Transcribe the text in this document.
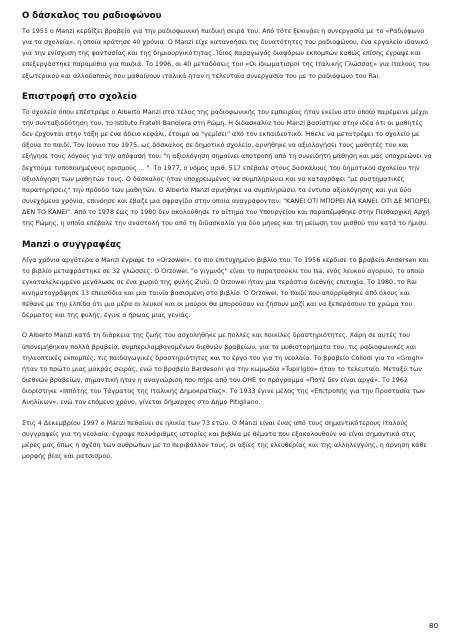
Ο δάσκαλος του ραδιοφώνου

Το 1951 ο Manzi κερδίζει βραβείο για την ραδιοφωνική παιδική σειρά του. Από τότε ξεκινάει η συνεργασία με το «Ραδιόφωνο για τα σχολεία», η οποία κράτησε 40 χρόνια. Ο Manzi είχε κατανοήσει τις δυνατότητες του ραδιοφώνου, ένα εργαλείο ιδανικό για την ενίσχυση της φαντασίας και της δημιουργικότητας. Ίδιος παραγωγός διαφόρων εκπομπών καθώς επίσης έγραψε και επεξεργάστηκε παραμύθια για παιδιά. Το 1996, οι 40 μεταδόσεις του «Οι Ιδιωματισμοί της Ιταλικής Γλώσσας» για Ιταλούς του εξωτερικού και αλλοδαπούς που μαθαίνουν ιταλικά ήταν η τελευταία συνεργασία του με το ραδιόφωνο του Rai.

Επιστροφή στο σχολείο

Το σχολείο όπου επέστρεψε ο Alberto Manzi στο τέλος της ραδιοφωνικής του εμπειρίας ήταν εκείνο στο οποίο παρέμεινε μέχρι την συνταξιοδότηση του, το Istituto Fratelli Bandiera στη Ρώμη. Η διδασκαλία του Manzi βασίστηκε στην ιδέα ότι οι μαθητές δεν έρχονται στην τάξη με ένα άδειο κεφάλι, έτοιμο να "γεμίσει" από τον εκπαιδευτικό. Ήθελε να μετατρέψει το σχολείο με άξονα το παιδί. Τον Ιούνιο του 1975, ως δάσκαλος σε δημοτικό σχολείο, αρνήθηκε να αξιολογήσει τους μαθητές του και εξήγησε τους λόγους για την απόφασή του: "η αξιολόγηση σημαίνει αποτροπή από τη συνειδητή μάθηση και μας υποχρεώνει να δεχτούμε τυποποιημένους ορισμούς ... ". Το 1977, ο νόμος αριθ. 517 επέβαλε στους δασκάλους του δημοτικού σχολείου την αξιολόγηση των μαθητών τους. Ο δάσκαλος ήταν υποχρεωμένος να συμπληρώνει και να καταγράφει "με συστηματικές παρατηρήσεις" την πρόοδο των μαθητών. Ο Alberto Manzi αρνήθηκε να συμπληρώσει τα έντυπα αξιολόγησης και για δύο συνεχόμενα χρόνια, επινόησε και έβαζε μια σφραγίδα στην οποία αναγράφονταν: "ΚΑΝΕΙ ΟΤΙ ΜΠΟΡΕΙ ΝΑ ΚΑΝΕΙ. ΟΤΙ ΔΕ ΜΠΟΡΕΙ, ΔΕΝ ΤΟ ΚΑΝΕΙ". Από το 1978 έως το 1980 δεν ακολούθησε το αίτημα του Υπουργείου και παραπέμφθηκε στην Πειθαρχική Αρχή της Ρώμης, η οποία επέβαλε την αναστολή του από τη διδασκαλία για δύο μήνες και τη μείωση του μισθού του κατά το ήμισυ.

Manzi ο συγγραφέας

Λίγα χρόνια αργότερα ο Manzi έγραψε το «Orzowei», το πιο επιτυχημένο βιβλίο του. Το 1956 κέρδισε το βραβείο Andersen και το βιβλίο μεταφράστηκε σε 32 γλώσσες. Ο Orzowei, "ο γιγμνός" είναι το παρατσούκλι του Isa, ενός λευκού αγοριού, το οποίο εγκαταλελειμμένο μεγάλωσε σε ένα χωριό της φυλής Zulù. Ο Orzowei ήταν μια τεράστια διεθνής επιτυχία. Το 1980, το Rai κινηματογράφησε 13 επεισόδια και μια ταινία βασισμένη στο βιβλίο. Ο Orzowei, το παιδί που απορρίφθηκε από όλους και πέθανε με την ελπίδα ότι μια μέρα οι λευκοί και οι μαύροι θα μπορούσαν να ζήσουν μαζί και να ξεπεράσουν το χρώμα του δέρματος και της φυλής, έγινε ο ήρωας μιας γενιάς.

Ο Alberto Manzi κατά τη διάρκεια της ζωής του ασχολήθηκε με πολλές και ποικίλες δραστηριότητες. Χάρη σε αυτές του απονεμήθηκαν πολλά βραβεία, συμπεριλαμβανομένων διεθνών βραβείων, για τα μυθιστορήματα του, τις ραδιοφωνικές και τηλεοπτικές εκπομπές, τις παιδαγωγικές δραστηριότητες και το έργο του για τη νεολαία. Το βραβείο Collodi για το «Grogh» ήταν το πρώτο μιας μακράς σειράς, ενώ το βραβείο Bardesoni για την κωμωδία «Tupiriglio» ήταν το τελευταίο. Μεταξύ των διεθνών βραβείων, σημαντική ήταν η αναγνώριση που πήρε από τον ΟΗΕ το πρόγραμμα «Ποτέ δεν είναι αργά». Το 1962 διορίστηκε «Ιππότης του Τάγματος της Ιταλικής Δημοκρατίας». Το 1933 έγινε μέλος της «Επιτροπής για την Προστασία των Ανηλίκων», ενώ τον επόμενο χρόνο, γίνεται δήμαρχος στο Δήμο Pitigliano.

Στις 4 Δεκεμβρίου 1997 ο Manzi πεθαίνει σε ηλικία των 73 ετών. Ο Manzi είναι ένας από τους σημαντικότερους Ιταλούς συγγραφείς για τη νεολαία, έγραψε πολυάριθμες ιστορίες και βιβλία με θέματα που εξακολουθούν να είναι σημαντικά στις μέρες μας όπως η σχέση των ανθρώπων με το περιβάλλον τους, οι αξίες της ελευθερίας και της αλληλεγγύης, η άρνηση κάθε μορφής βίας και ρατσισμού.

80
